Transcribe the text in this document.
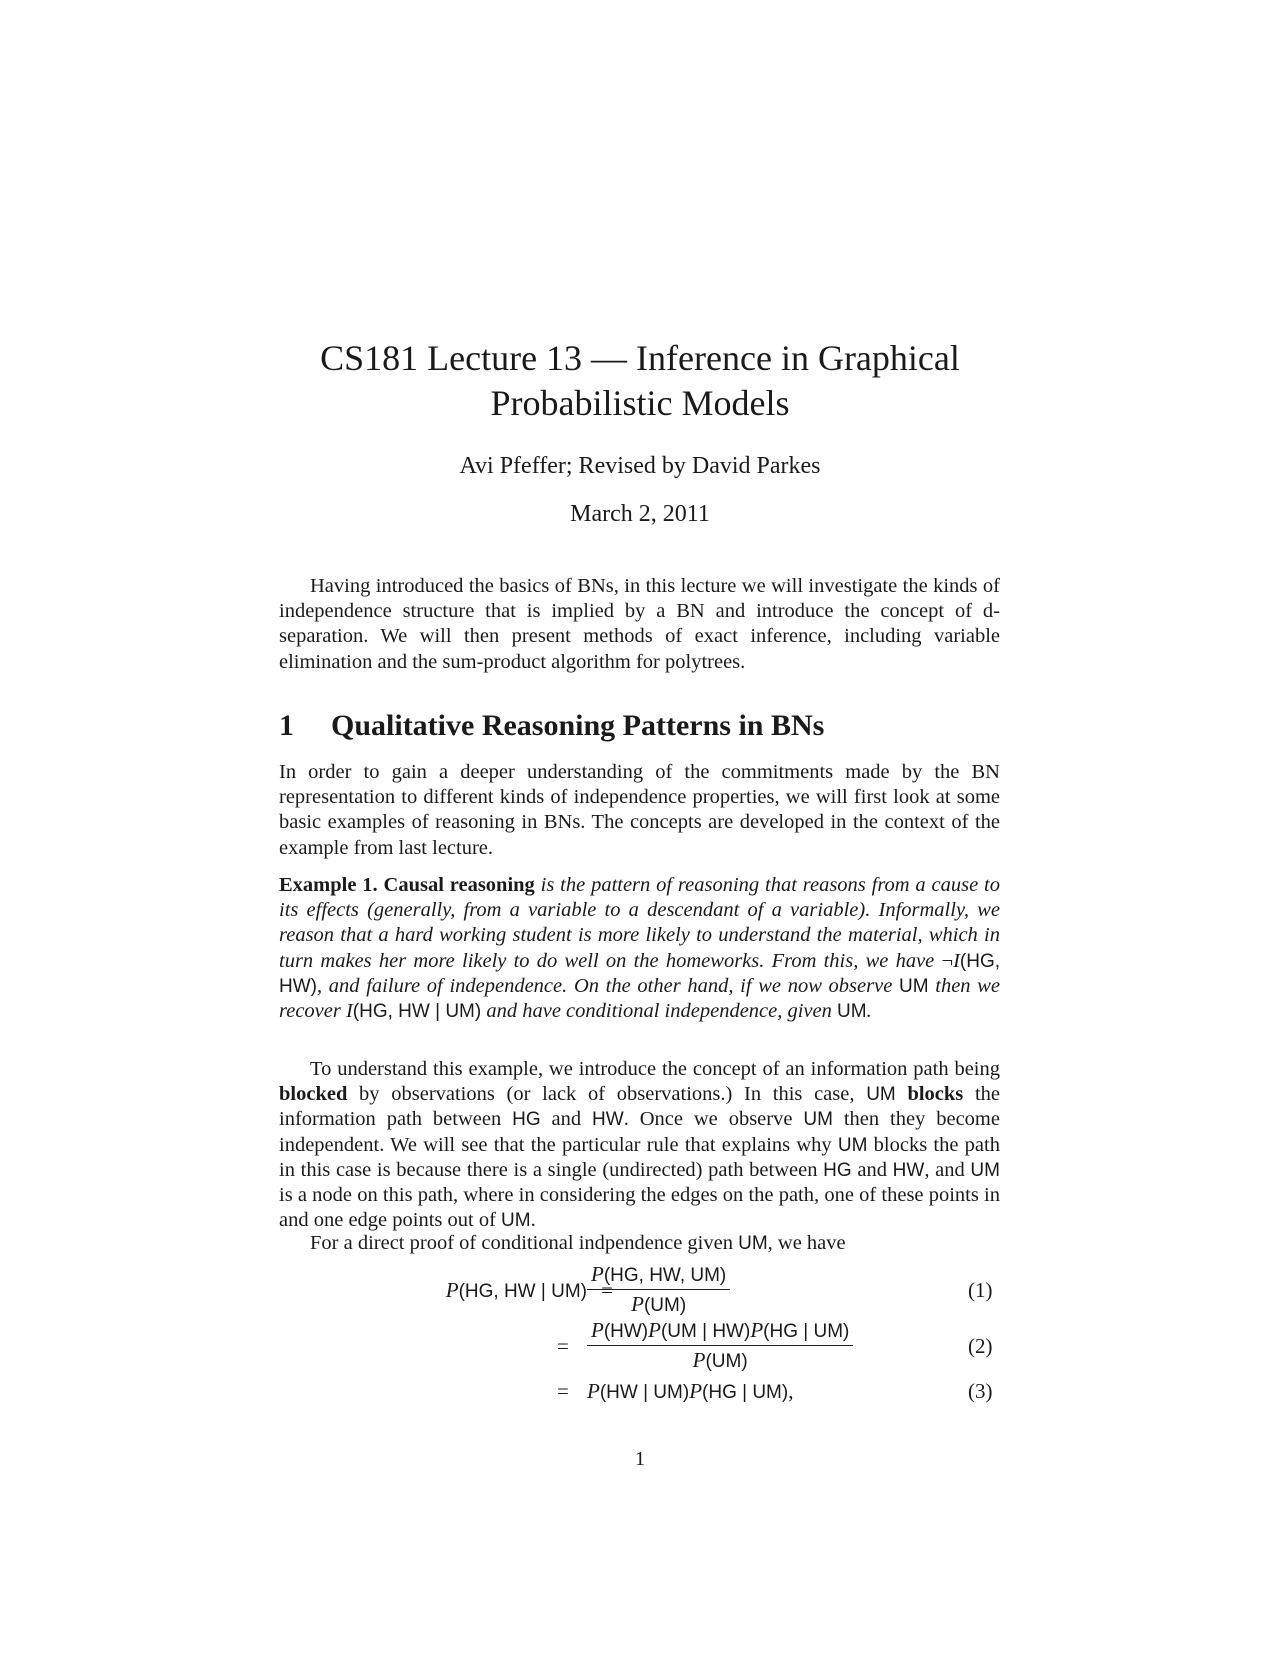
CS181 Lecture 13 — Inference in Graphical
Probabilistic Models
Avi Pfeffer; Revised by David Parkes
March 2, 2011
Having introduced the basics of BNs, in this lecture we will investigate the kinds of independence structure that is implied by a BN and introduce the concept of d-separation. We will then present methods of exact inference, including variable elimination and the sum-product algorithm for polytrees.
1 Qualitative Reasoning Patterns in BNs
In order to gain a deeper understanding of the commitments made by the BN representation to different kinds of independence properties, we will first look at some basic examples of reasoning in BNs. The concepts are developed in the context of the example from last lecture.
Example 1. Causal reasoning is the pattern of reasoning that reasons from a cause to its effects (generally, from a variable to a descendant of a variable). Informally, we reason that a hard working student is more likely to understand the material, which in turn makes her more likely to do well on the homeworks. From this, we have ¬I(HG, HW), and failure of independence. On the other hand, if we now observe UM then we recover I(HG, HW | UM) and have conditional independence, given UM.
To understand this example, we introduce the concept of an information path being blocked by observations (or lack of observations.) In this case, UM blocks the information path between HG and HW. Once we observe UM then they become independent. We will see that the particular rule that explains why UM blocks the path in this case is because there is a single (undirected) path between HG and HW, and UM is a node on this path, where in considering the edges on the path, one of these points in and one edge points out of UM.
For a direct proof of conditional indpendence given UM, we have
P(HG, HW | UM) =
$\frac{P(HG, HW, UM)}{P(UM)}$	(1)
= $\frac{P(HW)P(UM | HW)P(HG | UM)}{P(UM)}$	(2)
= P(HW | UM)P(HG | UM),	(3)
1
